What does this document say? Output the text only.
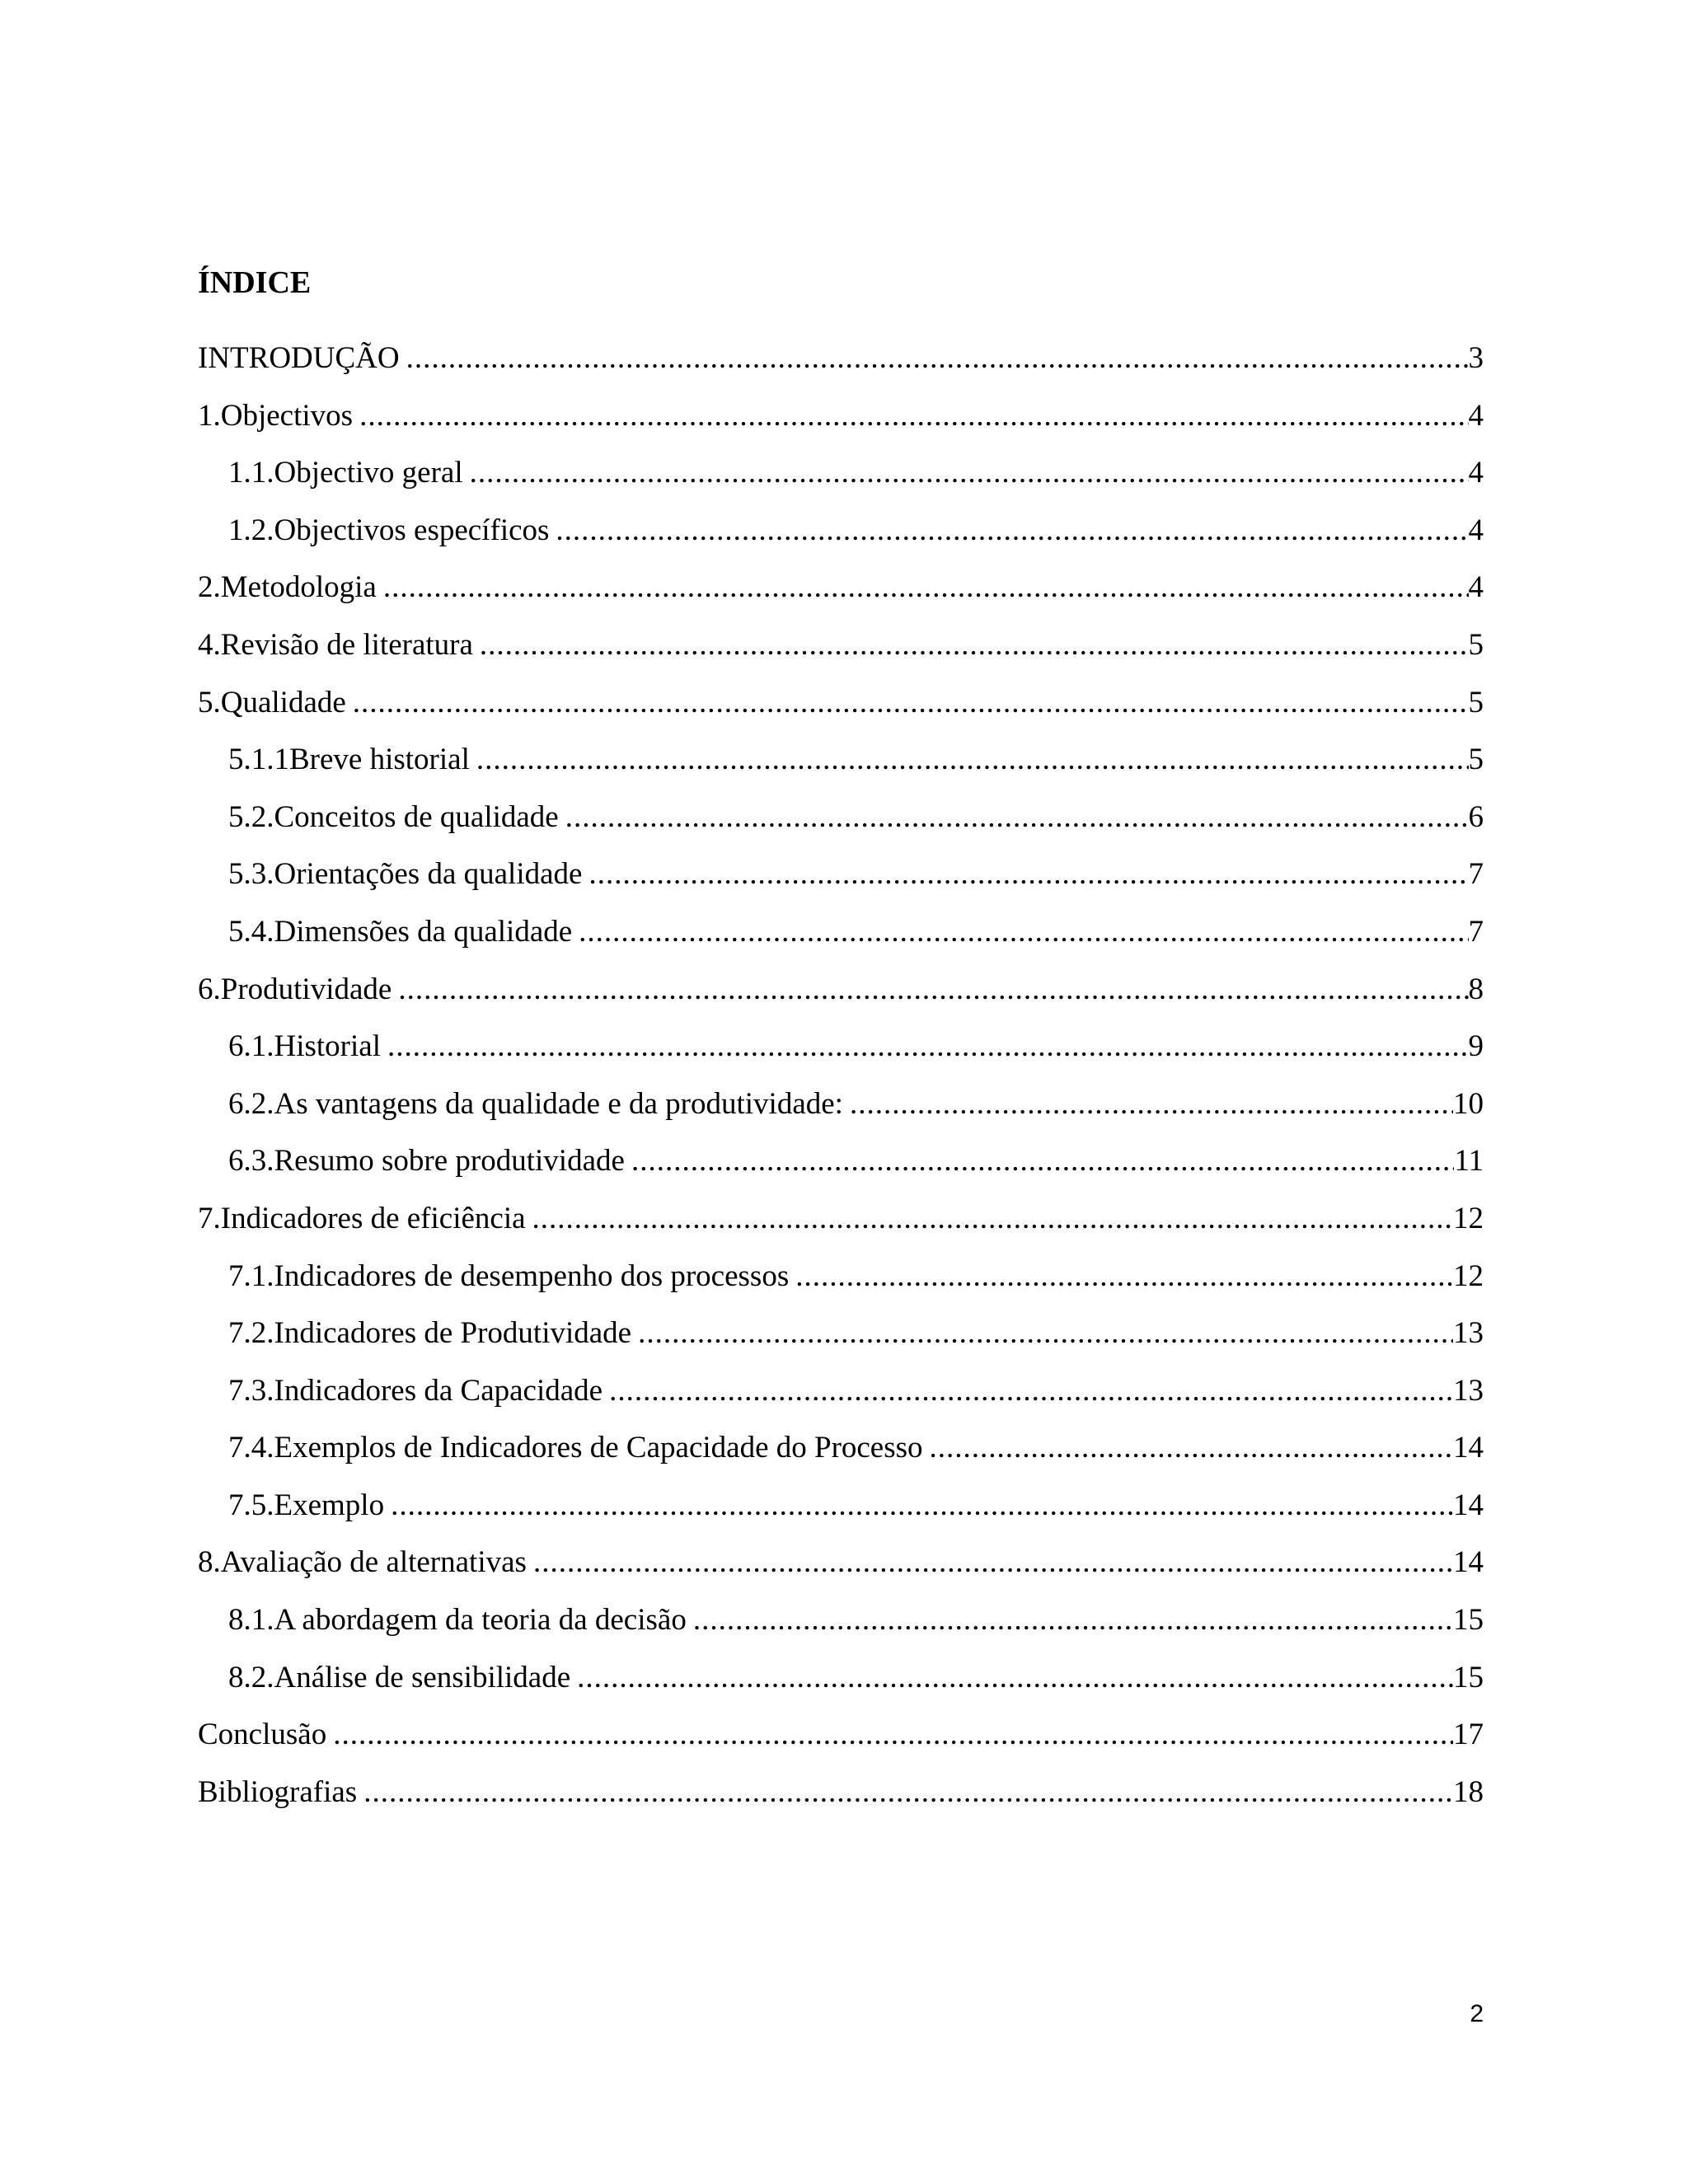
ÍNDICE
INTRODUÇÃO .....	3
1.Objectivos .....	4
1.1.Objectivo geral .....	4
1.2.Objectivos específicos .....	4
2.Metodologia .....	4
4.Revisão de literatura .....	5
5.Qualidade .....	5
5.1.1Breve historial .....	5
5.2.Conceitos de qualidade .....	6
5.3.Orientações da qualidade .....	7
5.4.Dimensões da qualidade .....	7
6.Produtividade .....	8
6.1.Historial .....	9
6.2.As vantagens da qualidade e da produtividade: .....	10
6.3.Resumo sobre produtividade .....	11
7.Indicadores de eficiência .....	12
7.1.Indicadores de desempenho dos processos .....	12
7.2.Indicadores de Produtividade .....	13
7.3.Indicadores da Capacidade .....	13
7.4.Exemplos de Indicadores de Capacidade do Processo .....	14
7.5.Exemplo .....	14
8.Avaliação de alternativas .....	14
8.1.A abordagem da teoria da decisão .....	15
8.2.Análise de sensibilidade .....	15
Conclusão .....	17
Bibliografias .....	18
2
